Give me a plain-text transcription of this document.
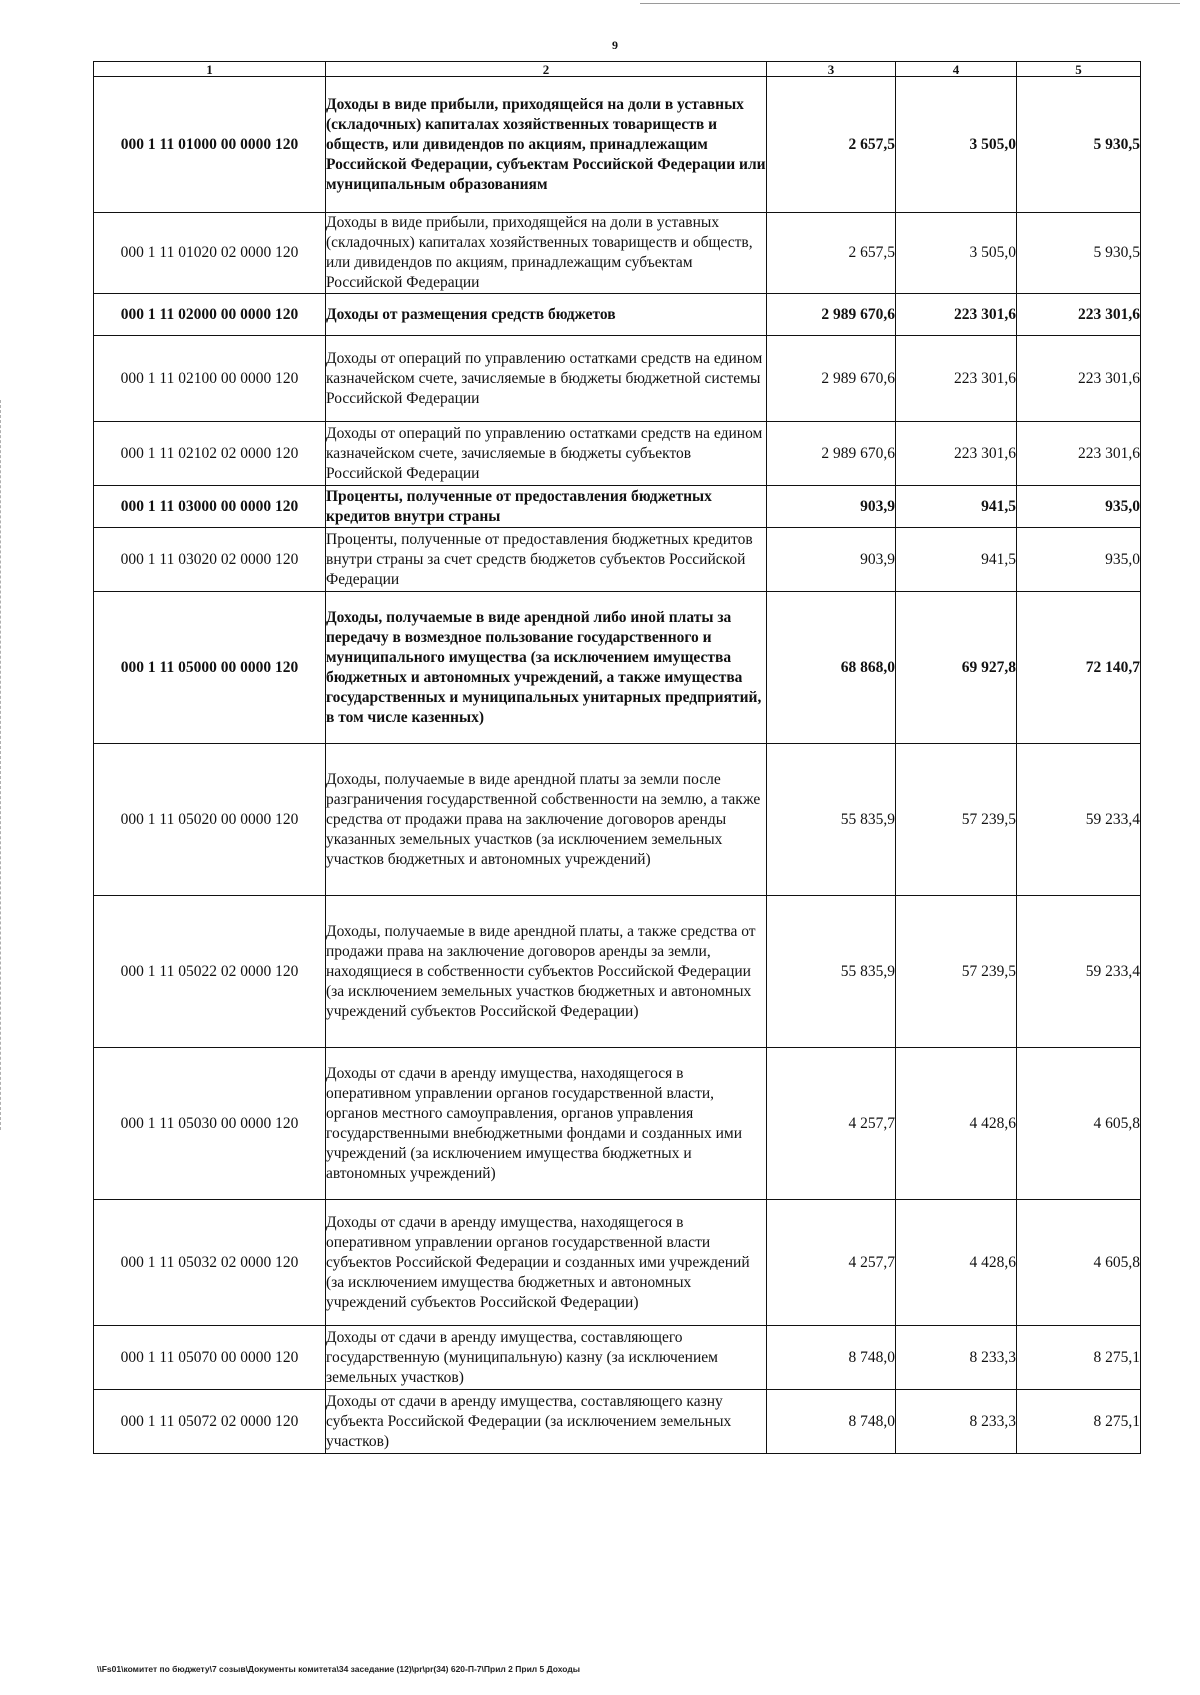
9
1	2	3	4	5
000 1 11 01000 00 0000 120	Доходы в виде прибыли, приходящейся на доли в уставных (складочных) капиталах хозяйственных товариществ и обществ, или дивидендов по акциям, принадлежащим Российской Федерации, субъектам Российской Федерации или муниципальным образованиям	2 657,5	3 505,0	5 930,5
000 1 11 01020 02 0000 120	Доходы в виде прибыли, приходящейся на доли в уставных (складочных) капиталах хозяйственных товариществ и обществ, или дивидендов по акциям, принадлежащим субъектам Российской Федерации	2 657,5	3 505,0	5 930,5
000 1 11 02000 00 0000 120	Доходы от размещения средств бюджетов	2 989 670,6	223 301,6	223 301,6
000 1 11 02100 00 0000 120	Доходы от операций по управлению остатками средств на едином казначейском счете, зачисляемые в бюджеты бюджетной системы Российской Федерации	2 989 670,6	223 301,6	223 301,6
000 1 11 02102 02 0000 120	Доходы от операций по управлению остатками средств на едином казначейском счете, зачисляемые в бюджеты субъектов Российской Федерации	2 989 670,6	223 301,6	223 301,6
000 1 11 03000 00 0000 120	Проценты, полученные от предоставления бюджетных кредитов внутри страны	903,9	941,5	935,0
000 1 11 03020 02 0000 120	Проценты, полученные от предоставления бюджетных кредитов внутри страны за счет средств бюджетов субъектов Российской Федерации	903,9	941,5	935,0
000 1 11 05000 00 0000 120	Доходы, получаемые в виде арендной либо иной платы за передачу в возмездное пользование государственного и муниципального имущества (за исключением имущества бюджетных и автономных учреждений, а также имущества государственных и муниципальных унитарных предприятий, в том числе казенных)	68 868,0	69 927,8	72 140,7
000 1 11 05020 00 0000 120	Доходы, получаемые в виде арендной платы за земли после разграничения государственной собственности на землю, а также средства от продажи права на заключение договоров аренды указанных земельных участков (за исключением земельных участков бюджетных и автономных учреждений)	55 835,9	57 239,5	59 233,4
000 1 11 05022 02 0000 120	Доходы, получаемые в виде арендной платы, а также средства от продажи права на заключение договоров аренды за земли, находящиеся в собственности субъектов Российской Федерации (за исключением земельных участков бюджетных и автономных учреждений субъектов Российской Федерации)	55 835,9	57 239,5	59 233,4
000 1 11 05030 00 0000 120	Доходы от сдачи в аренду имущества, находящегося в оперативном управлении органов государственной власти, органов местного самоуправления, органов управления государственными внебюджетными фондами и созданных ими учреждений (за исключением имущества бюджетных и автономных учреждений)	4 257,7	4 428,6	4 605,8
000 1 11 05032 02 0000 120	Доходы от сдачи в аренду имущества, находящегося в оперативном управлении органов государственной власти субъектов Российской Федерации и созданных ими учреждений (за исключением имущества бюджетных и автономных учреждений субъектов Российской Федерации)	4 257,7	4 428,6	4 605,8
000 1 11 05070 00 0000 120	Доходы от сдачи в аренду имущества, составляющего государственную (муниципальную) казну (за исключением земельных участков)	8 748,0	8 233,3	8 275,1
000 1 11 05072 02 0000 120	Доходы от сдачи в аренду имущества, составляющего казну субъекта Российской Федерации (за исключением земельных участков)	8 748,0	8 233,3	8 275,1
\\Fs01\комитет по бюджету\7 созыв\Документы комитета\34 заседание (12)\pr\pr(34) 620-П-7\Прил 2 Прил 5 Доходы
